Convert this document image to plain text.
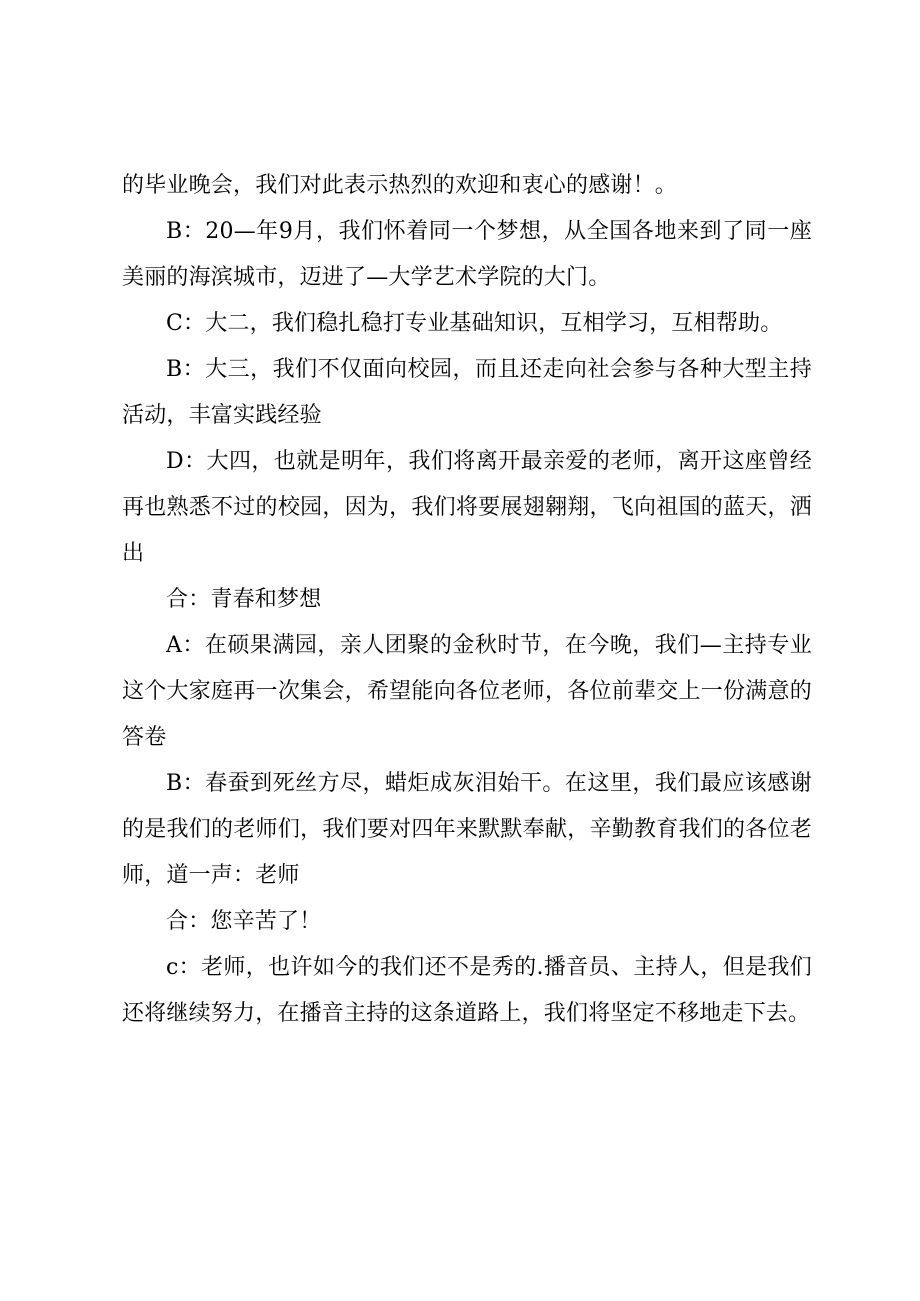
的毕业晚会，我们对此表示热烈的欢迎和衷心的感谢！。

B：20—年9月，我们怀着同一个梦想，从全国各地来到了同一座美丽的海滨城市，迈进了—大学艺术学院的大门。

C：大二，我们稳扎稳打专业基础知识，互相学习，互相帮助。

B：大三，我们不仅面向校园，而且还走向社会参与各种大型主持活动，丰富实践经验

D：大四，也就是明年，我们将离开最亲爱的老师，离开这座曾经再也熟悉不过的校园，因为，我们将要展翅翱翔，飞向祖国的蓝天，洒出

合：青春和梦想

A：在硕果满园，亲人团聚的金秋时节，在今晚，我们—主持专业这个大家庭再一次集会，希望能向各位老师，各位前辈交上一份满意的答卷

B：春蚕到死丝方尽，蜡炬成灰泪始干。在这里，我们最应该感谢的是我们的老师们，我们要对四年来默默奉献，辛勤教育我们的各位老师，道一声：老师

合：您辛苦了！

c：老师，也许如今的我们还不是秀的.播音员、主持人，但是我们还将继续努力，在播音主持的这条道路上，我们将坚定不移地走下去。
